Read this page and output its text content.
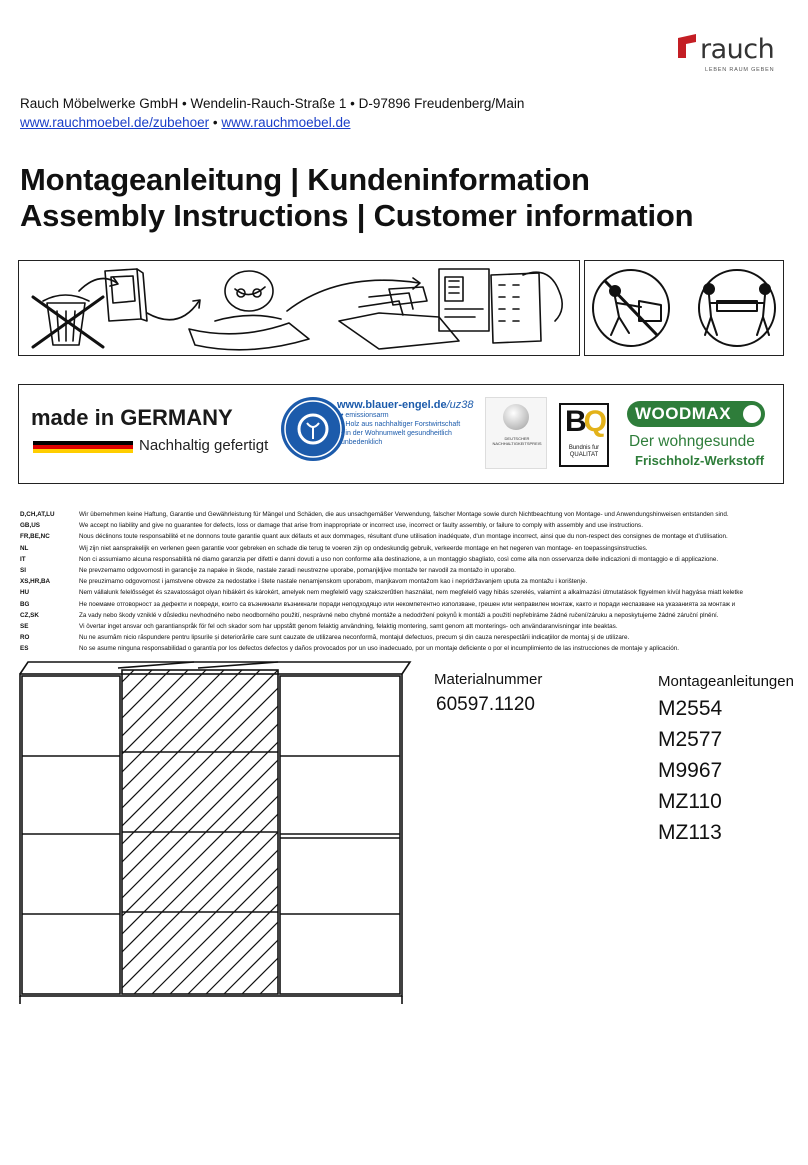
rauch
LEBEN RAUM GEBEN
Rauch Möbelwerke GmbH • Wendelin-Rauch-Straße 1 • D-97896 Freudenberg/Main
www.rauchmoebel.de/zubehoer • www.rauchmoebel.de
Montageanleitung | Kundeninformation
Assembly Instructions | Customer information
made in GERMANY
Nachhaltig gefertigt
www.blauer-engel.de/uz38
• emissionsarm
• Holz aus nachhaltiger Forstwirtschaft
• in der Wohnumwelt gesundheitlich
unbedenklich
DEUTSCHER NACHHALTIGKEITSPREIS
BQ
Bundnis fur QUALITAT
WOODMAX
Der wohngesunde
Frischholz-Werkstoff
D,CH,AT,LU	Wir übernehmen keine Haftung, Garantie und Gewährleistung für Mängel und Schäden, die aus unsachgemäßer Verwendung, falscher Montage sowie durch Nichtbeachtung von Montage- und Anwendungshinweisen entstanden sind.
GB,US	We accept no liability and give no guarantee for defects, loss or damage that arise from inappropriate or incorrect use, incorrect or faulty assembly, or failure to comply with assembly and use instructions.
FR,BE,NC	Nous déclinons toute responsabilité et ne donnons toute garantie quant aux défauts et aux dommages, résultant d'une utilisation inadéquate, d'un montage incorrect, ainsi que du non-respect des consignes de montage et d'utilisation.
NL	Wij zijn niet aansprakelijk en verlenen geen garantie voor gebreken en schade die terug te voeren zijn op ondeskundig gebruik, verkeerde montage en het negeren van montage- en toepassingsinstructies.
IT	Non ci assumiamo alcuna responsabilità né diamo garanzia per difetti e danni dovuti a uso non conforme alla destinazione, a un montaggio sbagliato, così come alla non osservanza delle indicazioni di montaggio e di applicazione.
SI	Ne prevzemamo odgovornosti in garancije za napake in škode, nastale zaradi neustrezne uporabe, pomanjkljive montaže ter navodil za montažo in uporabo.
XS,HR,BA	Ne preuzimamo odgovornost i jamstvene obveze za nedostatke i štete nastale nenamjenskom uporabom, manjkavom montažom kao i nepridržavanjem uputa za montažu i korištenje.
HU	Nem vállalunk felelősséget és szavatosságot olyan hibákért és károkért, amelyek nem megfelelő vagy szakszerűtlen használat, nem megfelelő vagy hibás szerelés, valamint a alkalmazási útmutatások figyelmen kívül hagyása miatt keletke
BG	Не поемаме отговорност за дефекти и повреди, които са възникнали възникнали поради неподходящо или некомпетентно използване, грешен или неправилен монтаж, както и поради неспазване на указанията за монтаж и
CZ,SK	Za vady nebo škody vzniklé v důsledku nevhodného nebo neodborného použití, nesprávné nebo chybné montáže a nedodržení pokynů k montáži a použití nepřebíráme žádné ručení/záruku a neposkytujeme žádné záruční plnění.
SE	Vi övertar inget ansvar och garantianspråk för fel och skador som har uppstått genom felaktig användning, felaktig montering, samt genom att monterings- och användaranvisningar inte beaktas.
RO	Nu ne asumăm nicio răspundere pentru lipsurile și deteriorările care sunt cauzate de utilizarea neconformă, montajul defectuos, precum și din cauza nerespectării indicațiilor de montaj și de utilizare.
ES	No se asume ninguna responsabilidad o garantía por los defectos defectos y daños provocados por un uso inadecuado, por un montaje deficiente o por el incumplimiento de las instrucciones de montaje y aplicación.
Materialnummer
60597.1120
Montageanleitungen
M2554
M2577
M9967
MZ110
MZ113
